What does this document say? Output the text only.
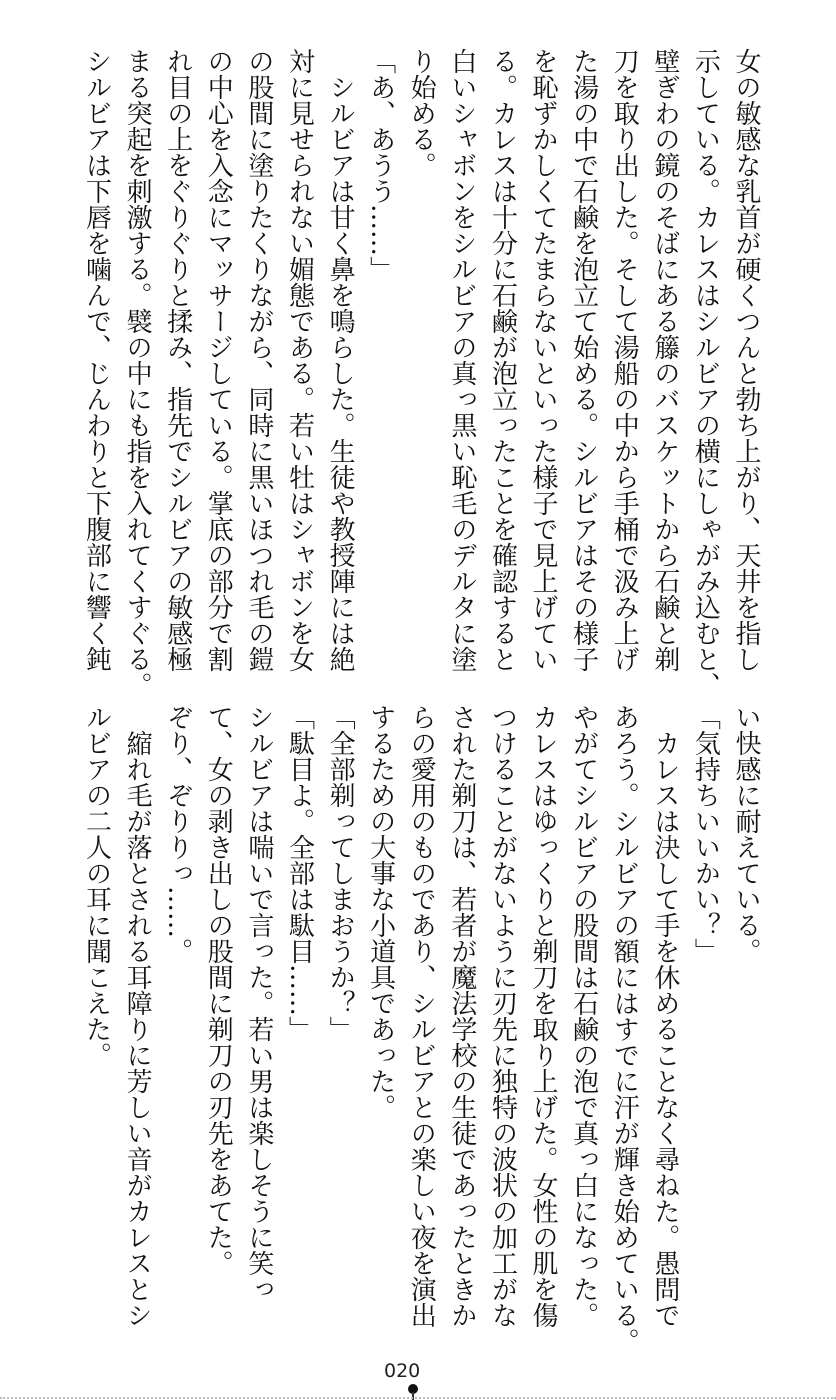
女の敏感な乳首が硬くつんと勃ち上がり、天井を指し
示している。カレスはシルビアの横にしゃがみ込むと、
壁ぎわの鏡のそばにある籐のバスケットから石鹸と剃
刀を取り出した。そして湯船の中から手桶で汲み上げ
た湯の中で石鹸を泡立て始める。シルビアはその様子
を恥ずかしくてたまらないといった様子で見上げてい
る。カレスは十分に石鹸が泡立ったことを確認すると
白いシャボンをシルビアの真っ黒い恥毛のデルタに塗
り始める。
「あ、あうう……」
　シルビアは甘く鼻を鳴らした。生徒や教授陣には絶
対に見せられない媚態である。若い牡はシャボンを女
の股間に塗りたくりながら、同時に黒いほつれ毛の鎧
の中心を入念にマッサージしている。掌底の部分で割
れ目の上をぐりぐりと揉み、指先でシルビアの敏感極
まる突起を刺激する。襞の中にも指を入れてくすぐる。
シルビアは下唇を噛んで、じんわりと下腹部に響く鈍
い快感に耐えている。
「気持ちいいかい？」
　カレスは決して手を休めることなく尋ねた。愚問で
あろう。シルビアの額にはすでに汗が輝き始めている。
やがてシルビアの股間は石鹸の泡で真っ白になった。
カレスはゆっくりと剃刀を取り上げた。女性の肌を傷
つけることがないように刃先に独特の波状の加工がな
された剃刀は、若者が魔法学校の生徒であったときか
らの愛用のものであり、シルビアとの楽しい夜を演出
するための大事な小道具であった。
「全部剃ってしまおうか？」
「駄目よ。全部は駄目……」
シルビアは喘いで言った。若い男は楽しそうに笑っ
て、女の剥き出しの股間に剃刀の刃先をあてた。
ぞり、ぞりりっ……。
　縮れ毛が落とされる耳障りに芳しい音がカレスとシ
ルビアの二人の耳に聞こえた。
020
